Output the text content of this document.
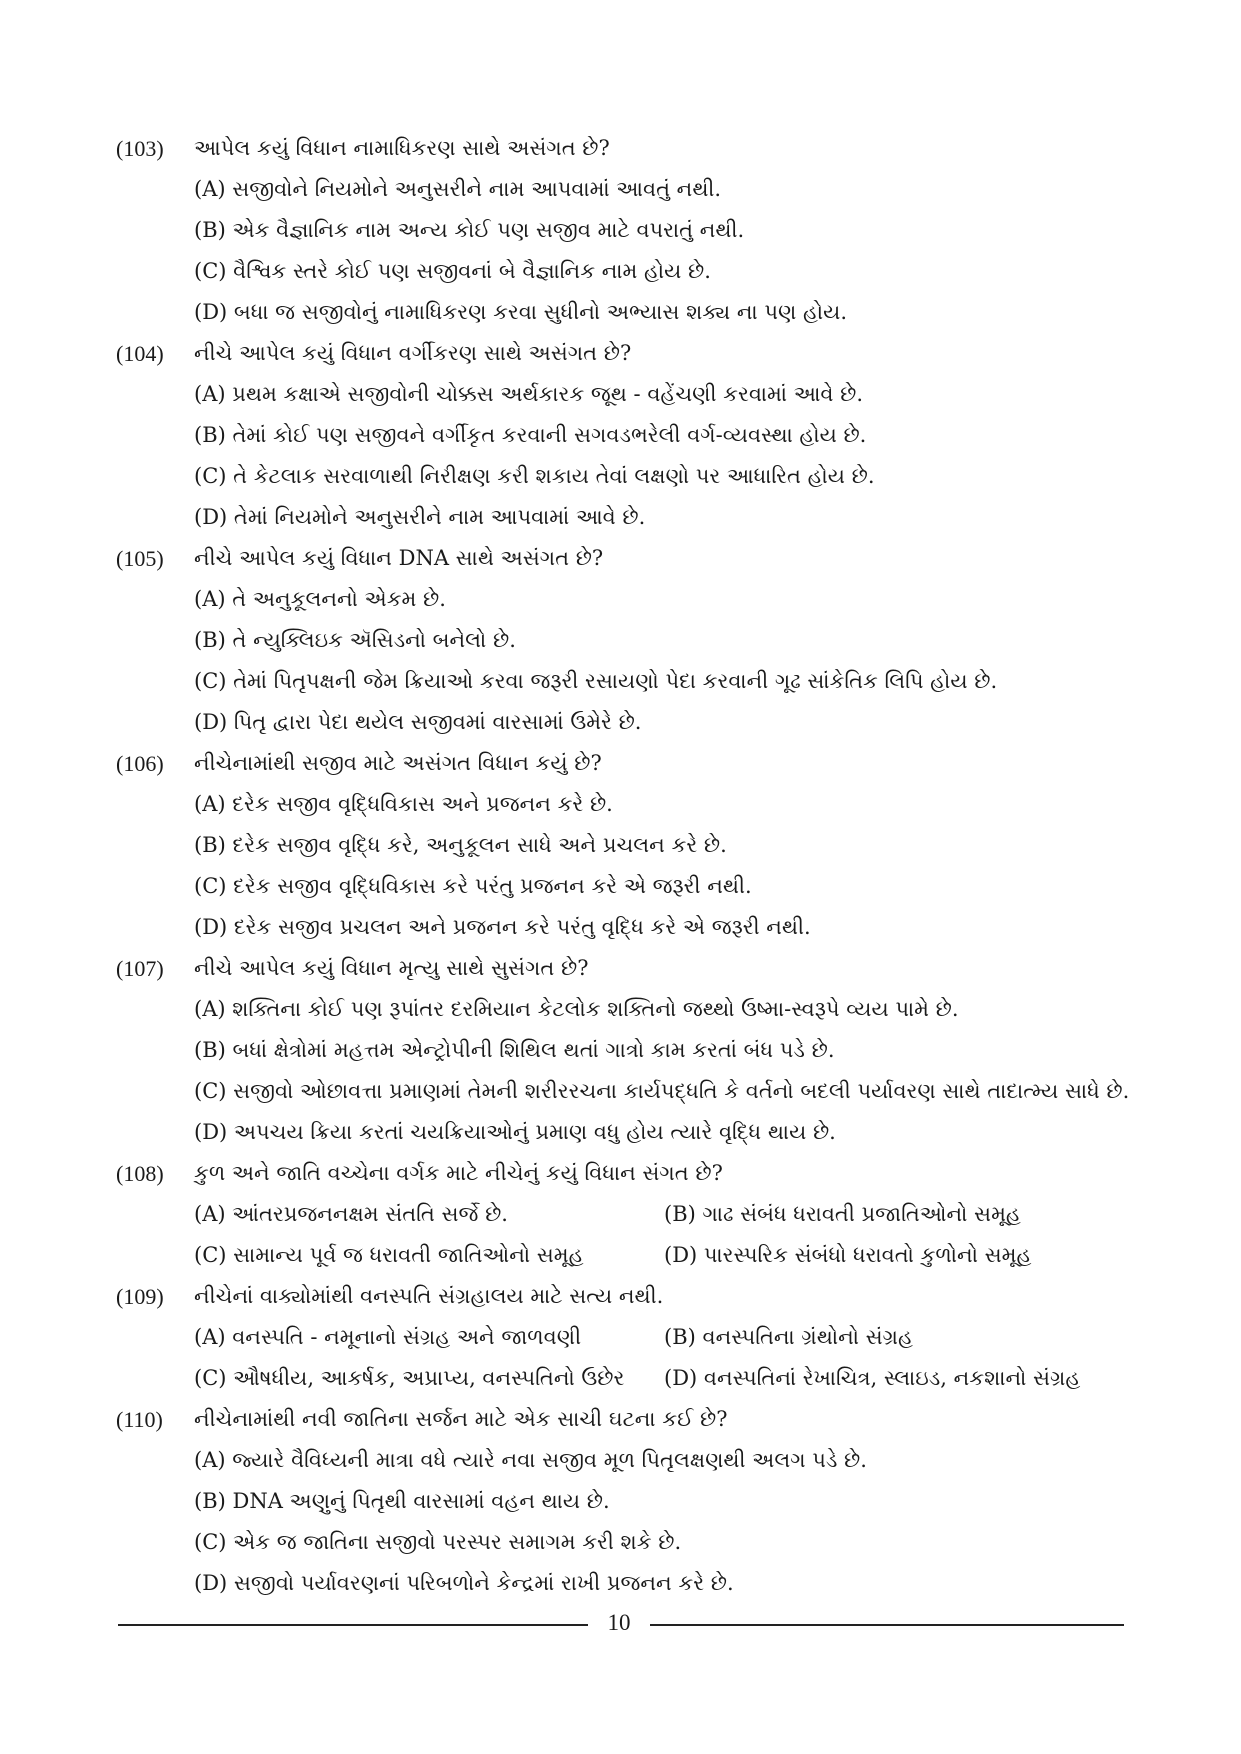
(103)	આપેલ કયું વિધાન નામાધિકરણ સાથે અસંગત છે?
(A) સજીવોને નિયમોને અનુસરીને નામ આપવામાં આવતું નથી.
(B) એક વૈજ્ઞાનિક નામ અન્ય કોઈ પણ સજીવ માટે વપરાતું નથી.
(C) વૈશ્વિક સ્તરે કોઈ પણ સજીવનાં બે વૈજ્ઞાનિક નામ હોય છે.
(D) બધા જ સજીવોનું નામાધિકરણ કરવા સુધીનો અભ્યાસ શક્ય ના પણ હોય.
(104)	નીચે આપેલ કયું વિધાન વર્ગીકરણ સાથે અસંગત છે?
(A) પ્રથમ કક્ષાએ સજીવોની ચોક્કસ અર્થકારક જૂથ - વહેંચણી કરવામાં આવે છે.
(B) તેમાં કોઈ પણ સજીવને વર્ગીકૃત કરવાની સગવડભરેલી વર્ગ-વ્યવસ્થા હોય છે.
(C) તે કેટલાક સરવાળાથી નિરીક્ષણ કરી શકાય તેવાં લક્ષણો પર આધારિત હોય છે.
(D) તેમાં નિયમોને અનુસરીને નામ આપવામાં આવે છે.
(105)	નીચે આપેલ કયું વિધાન DNA સાથે અસંગત છે?
(A) તે અનુકૂલનનો એકમ છે.
(B) તે ન્યુક્લિઇક ઍસિડનો બનેલો છે.
(C) તેમાં પિતૃપક્ષની જેમ ક્રિયાઓ કરવા જરૂરી રસાયણો પેદા કરવાની ગૂઢ સાંકેતિક લિપિ હોય છે.
(D) પિતૃ દ્વારા પેદા થયેલ સજીવમાં વારસામાં ઉમેરે છે.
(106)	નીચેનામાંથી સજીવ માટે અસંગત વિધાન કયું છે?
(A) દરેક સજીવ વૃદ્ધિવિકાસ અને પ્રજનન કરે છે.
(B) દરેક સજીવ વૃદ્ધિ કરે, અનુકૂલન સાધે અને પ્રચલન કરે છે.
(C) દરેક સજીવ વૃદ્ધિવિકાસ કરે પરંતુ પ્રજનન કરે એ જરૂરી નથી.
(D) દરેક સજીવ પ્રચલન અને પ્રજનન કરે પરંતુ વૃદ્ધિ કરે એ જરૂરી નથી.
(107)	નીચે આપેલ કયું વિધાન મૃત્યુ સાથે સુસંગત છે?
(A) શક્તિના કોઈ પણ રૂપાંતર દરમિયાન કેટલોક શક્તિનો જથ્થો ઉષ્મા-સ્વરૂપે વ્યય પામે છે.
(B) બધાં ક્ષેત્રોમાં મહત્તમ એન્ટ્રોપીની શિથિલ થતાં ગાત્રો કામ કરતાં બંધ પડે છે.
(C) સજીવો ઓછાવત્તા પ્રમાણમાં તેમની શરીરરચના કાર્યપદ્ધતિ કે વર્તનો બદલી પર્યાવરણ સાથે તાદાત્મ્ય સાધે છે.
(D) અપચય ક્રિયા કરતાં ચયક્રિયાઓનું પ્રમાણ વધુ હોય ત્યારે વૃદ્ધિ થાય છે.
(108)	કુળ અને જાતિ વચ્ચેના વર્ગક માટે નીચેનું કયું વિધાન સંગત છે?
(A) આંતરપ્રજનનક્ષમ સંતતિ સર્જે છે.	(B) ગાઢ સંબંધ ધરાવતી પ્રજાતિઓનો સમૂહ
(C) સામાન્ય પૂર્વ જ ધરાવતી જાતિઓનો સમૂહ	(D) પારસ્પરિક સંબંધો ધરાવતો કુળોનો સમૂહ
(109)	નીચેનાં વાક્યોમાંથી વનસ્પતિ સંગ્રહાલય માટે સત્ય નથી.
(A) વનસ્પતિ - નમૂનાનો સંગ્રહ અને જાળવણી	(B) વનસ્પતિના ગ્રંથોનો સંગ્રહ
(C) ઔષધીય, આકર્ષક, અપ્રાપ્ય, વનસ્પતિનો ઉછેર	(D) વનસ્પતિનાં રેખાચિત્ર, સ્લાઇડ, નકશાનો સંગ્રહ
(110)	નીચેનામાંથી નવી જાતિના સર્જન માટે એક સાચી ઘટના કઈ છે?
(A) જ્યારે વૈવિધ્યની માત્રા વધે ત્યારે નવા સજીવ મૂળ પિતૃલક્ષણથી અલગ પડે છે.
(B) DNA અણુનું પિતૃથી વારસામાં વહન થાય છે.
(C) એક જ જાતિના સજીવો પરસ્પર સમાગમ કરી શકે છે.
(D) સજીવો પર્યાવરણનાં પરિબળોને કેન્દ્રમાં રાખી પ્રજનન કરે છે.
10
